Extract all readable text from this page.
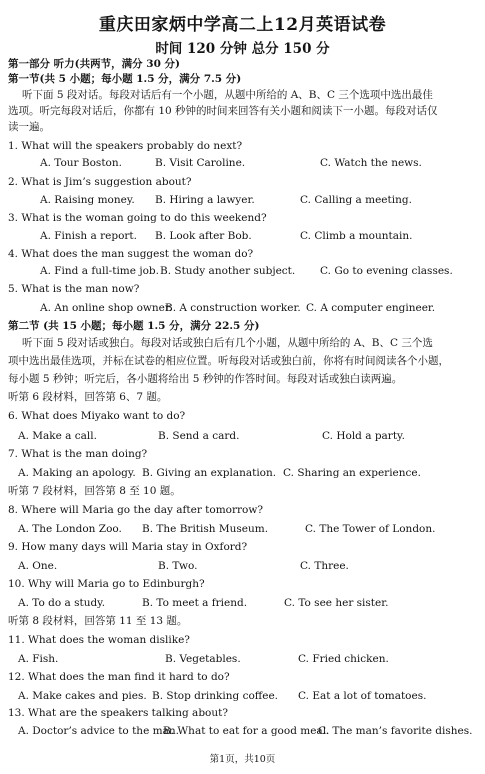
重庆田家炳中学高二上12月英语试卷
时间 120 分钟 总分 150 分
第一部分 听力(共两节，满分 30 分)
第一节(共 5 小题；每小题 1.5 分，满分 7.5 分)
听下面 5 段对话。每段对话后有一个小题，从题中所给的 A、B、C 三个选项中选出最佳
选项。听完每段对话后，你都有 10 秒钟的时间来回答有关小题和阅读下一小题。每段对话仅
读一遍。
1. What will the speakers probably do next?
A. Tour Boston.	B. Visit Caroline.	C. Watch the news.
2. What is Jim’s suggestion about?
A. Raising money. B. Hiring a lawyer.	C. Calling a meeting.
3. What is the woman going to do this weekend?
A. Finish a report. B. Look after Bob.	C. Climb a mountain.
4. What does the man suggest the woman do?
A. Find a full-time job. B. Study another subject. C. Go to evening classes.
5. What is the man now?
A. An online shop owner.
B. A construction worker. C. A computer engineer.
第二节 (共 15 小题；每小题 1.5 分，满分 22.5 分)
听下面 5 段对话或独白。每段对话或独白后有几个小题，从题中所给的 A、B、C 三个选
项中选出最佳选项，并标在试卷的相应位置。听每段对话或独白前，你将有时间阅读各个小题，
每小题 5 秒钟；听完后，各小题将给出 5 秒钟的作答时间。每段对话或独白读两遍。
听第 6 段材料，回答第 6、7 题。
6. What does Miyako want to do?
A. Make a call.	B. Send a card.	C. Hold a party.
7. What is the man doing?
A. Making an apology. B. Giving an explanation. C. Sharing an experience.
听第 7 段材料，回答第 8 至 10 题。
8. Where will Maria go the day after tomorrow?
A. The London Zoo. B. The British Museum.	C. The Tower of London.
9. How many days will Maria stay in Oxford?
A. One.	B. Two.	C. Three.
10. Why will Maria go to Edinburgh?
A. To do a study.	B. To meet a friend.	C. To see her sister.
听第 8 段材料，回答第 11 至 13 题。
11. What does the woman dislike?
A. Fish.	B. Vegetables.	C. Fried chicken.
12. What does the man find it hard to do?
A. Make cakes and pies. B. Stop drinking coffee. C. Eat a lot of tomatoes.
13. What are the speakers talking about?
A. Doctor’s advice to the man.
B. What to eat for a good meal.
C. The man’s favorite dishes.
第1页，共10页
